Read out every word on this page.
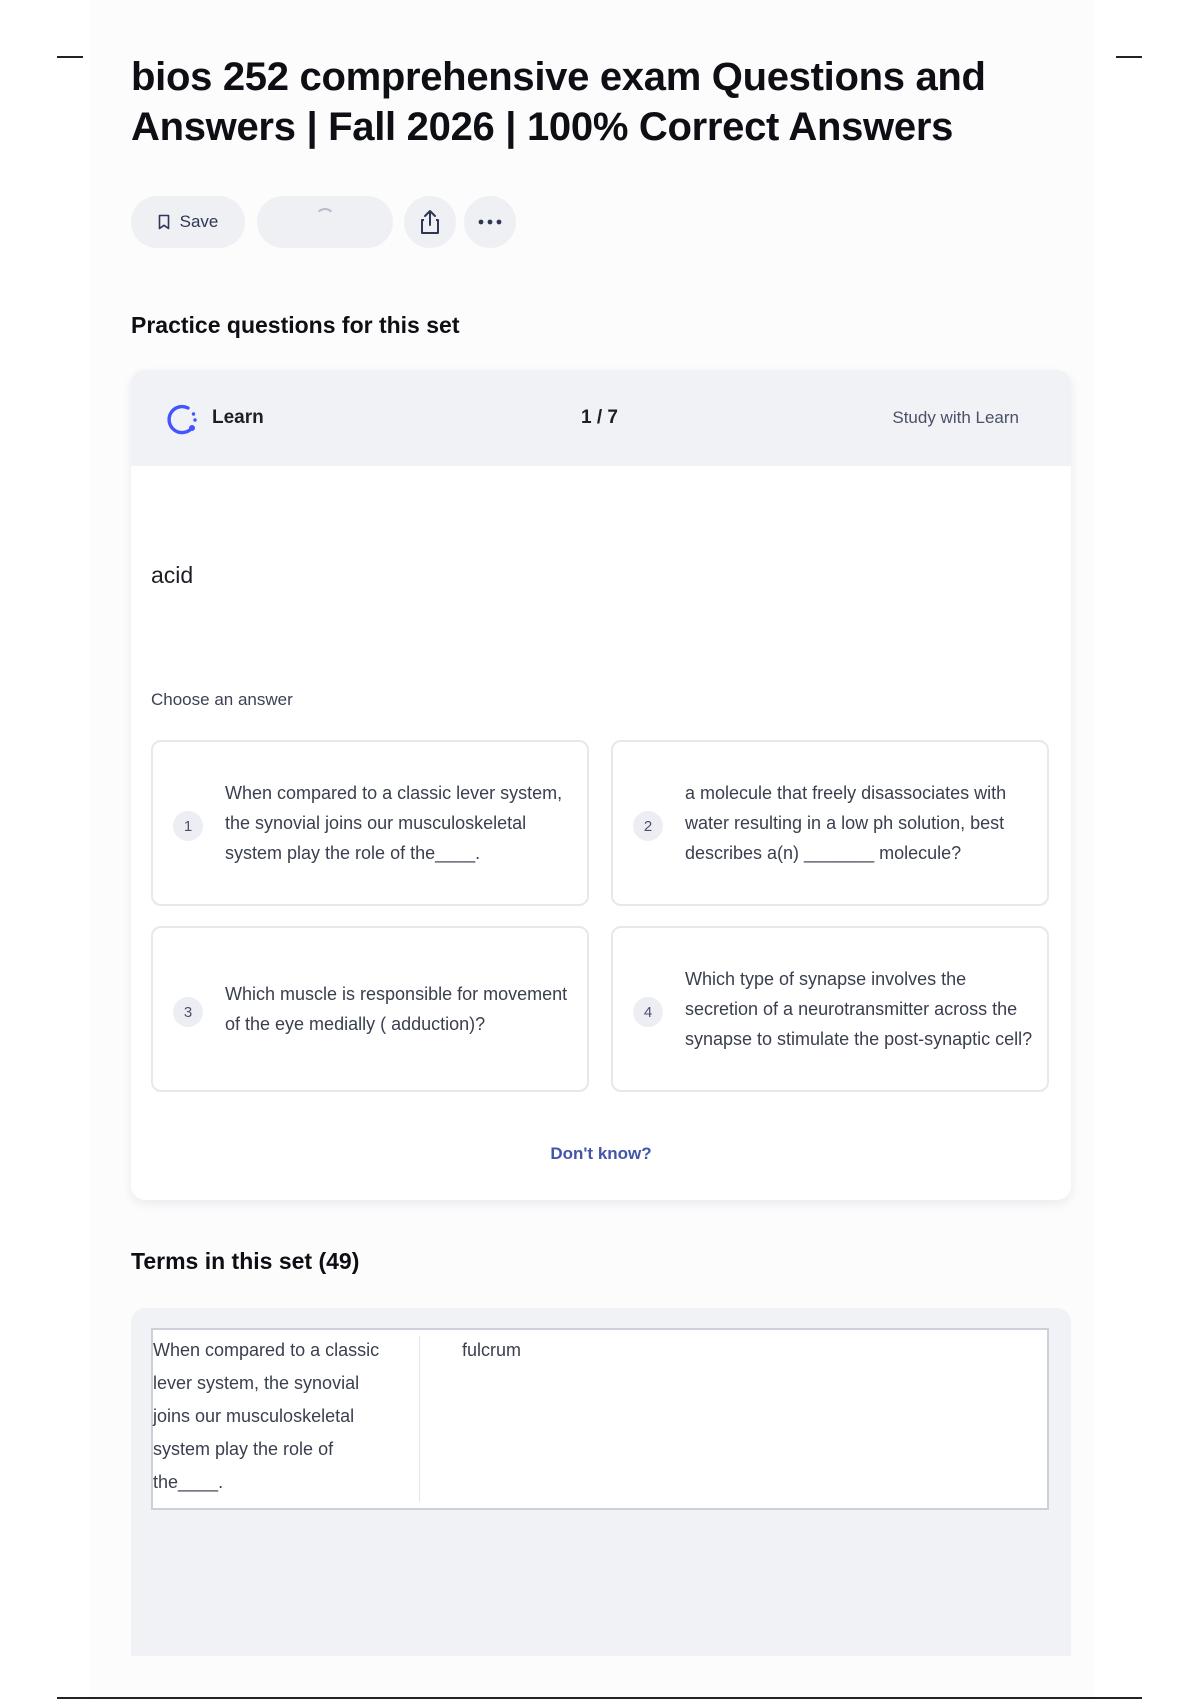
bios 252 comprehensive exam Questions and Answers | Fall 2026 | 100% Correct Answers
Save
Practice questions for this set
Learn	1 / 7	Study with Learn
acid
Choose an answer
1
When compared to a classic lever system, the synovial joins our musculoskeletal system play the role of the____.
2
a molecule that freely disassociates with water resulting in a low ph solution, best describes a(n) _______ molecule?
3
Which muscle is responsible for movement of the eye medially ( adduction)?
4
Which type of synapse involves the secretion of a neurotransmitter across the synapse to stimulate the post-synaptic cell?
Don't know?
Terms in this set (49)
When compared to a classic lever system, the synovial joins our musculoskeletal system play the role of the____.
fulcrum
